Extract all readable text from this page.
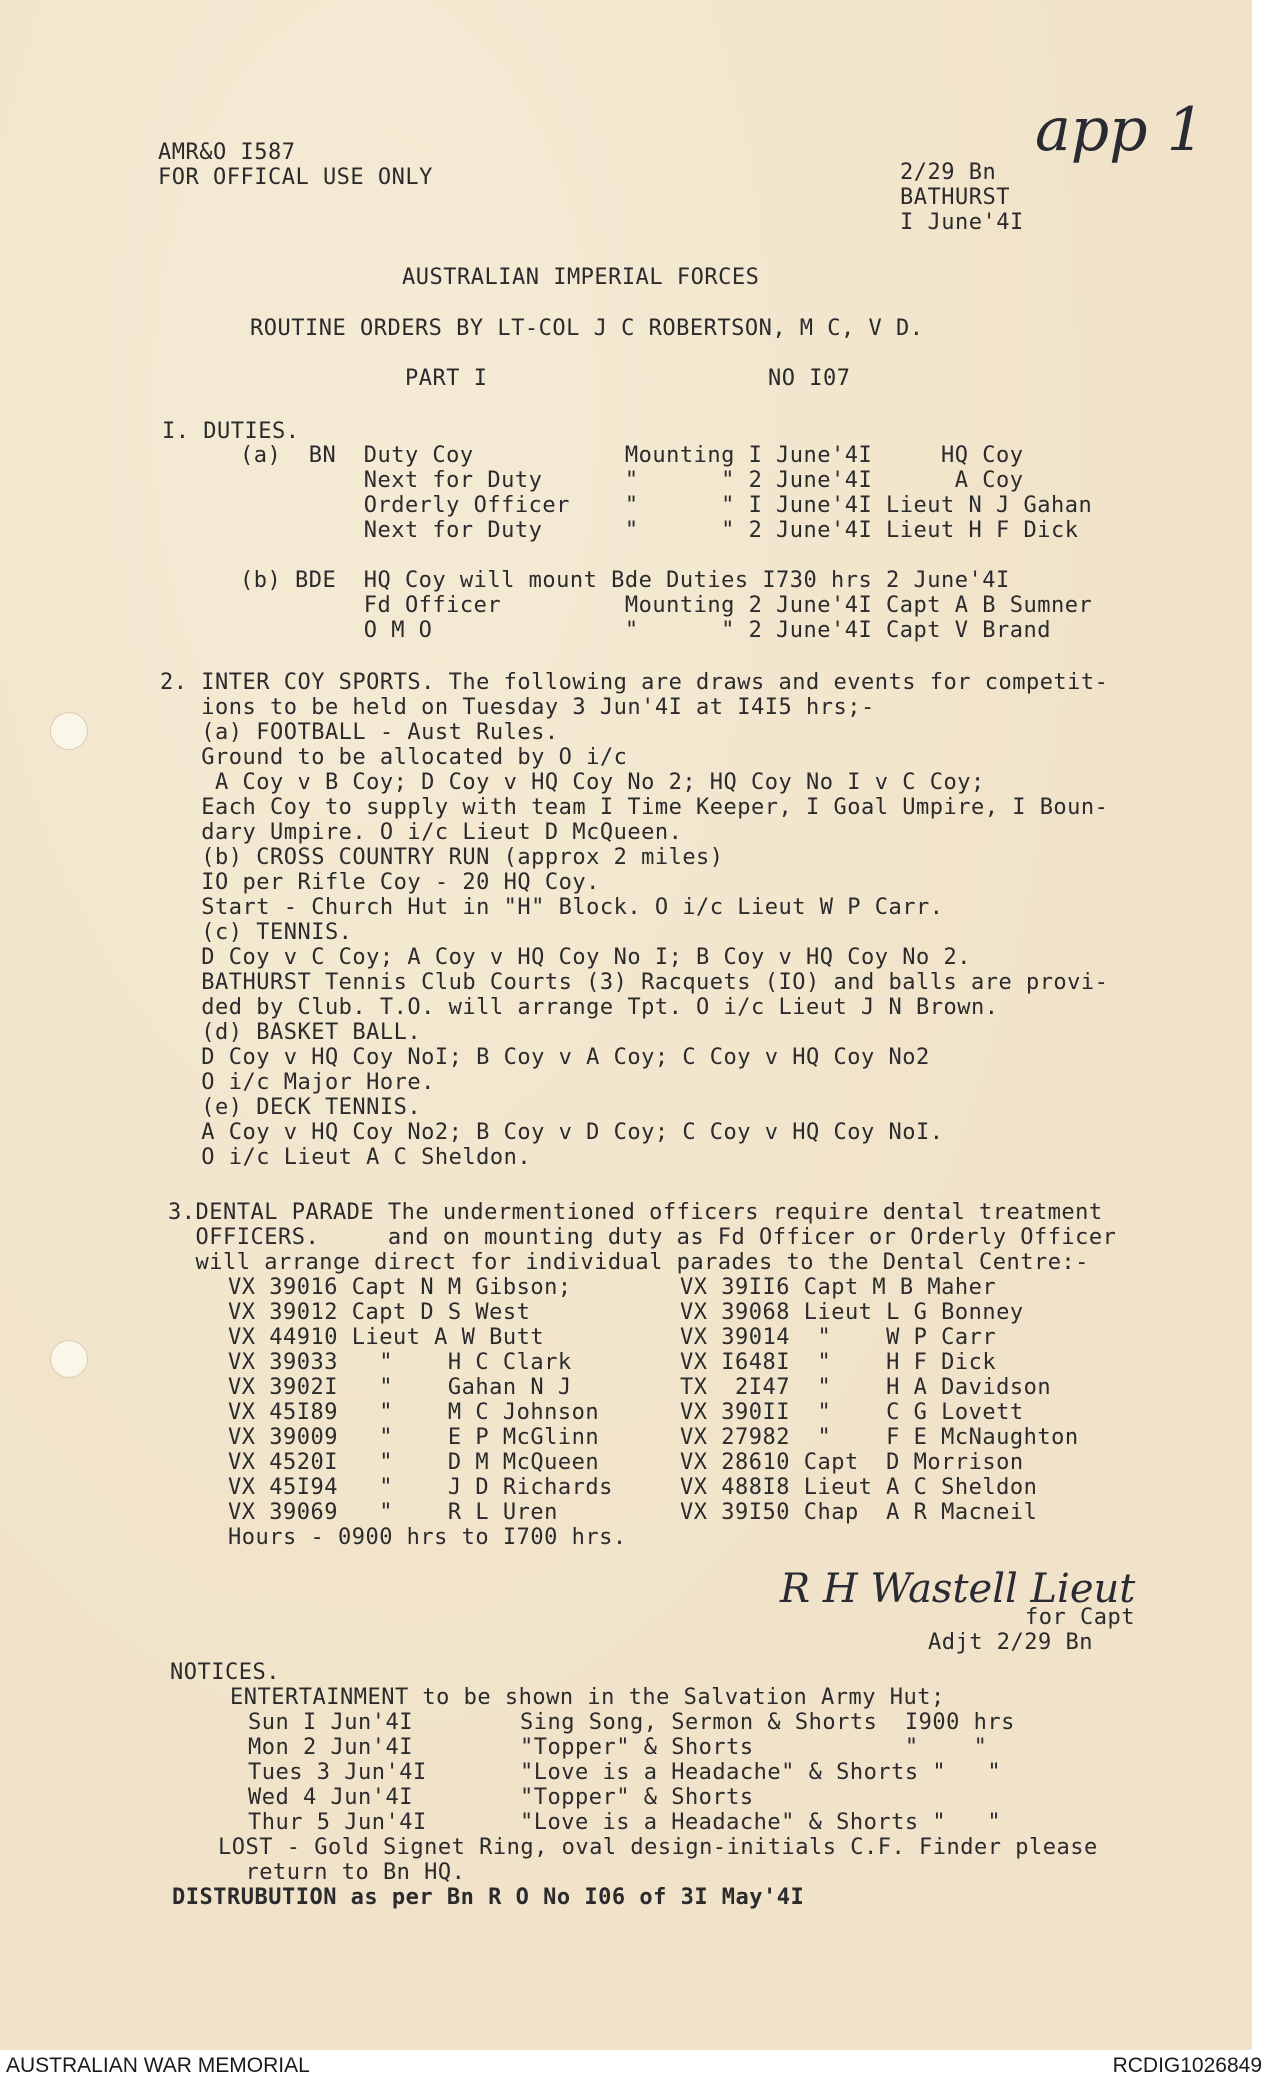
AMR&O I587
FOR OFFICAL USE ONLY	2/29 Bn
BATHURST
I June'4I
app 1
AUSTRALIAN IMPERIAL FORCES
ROUTINE ORDERS BY LT-COL J C ROBERTSON, M C, V D.
PART I	NO I07
I. DUTIES.
(a)  BN  Duty Coy           Mounting I June'4I     HQ Coy
Next for Duty      "      " 2 June'4I      A Coy
Orderly Officer    "      " I June'4I Lieut N J Gahan
Next for Duty      "      " 2 June'4I Lieut H F Dick
(b) BDE  HQ Coy will mount Bde Duties I730 hrs 2 June'4I
Fd Officer         Mounting 2 June'4I Capt A B Sumner
O M O              "      " 2 June'4I Capt V Brand
2. INTER COY SPORTS. The following are draws and events for competit-
ions to be held on Tuesday 3 Jun'4I at I4I5 hrs;-
(a) FOOTBALL - Aust Rules.
Ground to be allocated by O i/c
A Coy v B Coy; D Coy v HQ Coy No 2; HQ Coy No I v C Coy;
Each Coy to supply with team I Time Keeper, I Goal Umpire, I Boun-
dary Umpire. O i/c Lieut D McQueen.
(b) CROSS COUNTRY RUN (approx 2 miles)
IO per Rifle Coy - 20 HQ Coy.
Start - Church Hut in "H" Block. O i/c Lieut W P Carr.
(c) TENNIS.
D Coy v C Coy; A Coy v HQ Coy No I; B Coy v HQ Coy No 2.
BATHURST Tennis Club Courts (3) Racquets (IO) and balls are provi-
ded by Club. T.O. will arrange Tpt. O i/c Lieut J N Brown.
(d) BASKET BALL.
D Coy v HQ Coy NoI; B Coy v A Coy; C Coy v HQ Coy No2
O i/c Major Hore.
(e) DECK TENNIS.
A Coy v HQ Coy No2; B Coy v D Coy; C Coy v HQ Coy NoI.
O i/c Lieut A C Sheldon.
3.DENTAL PARADE The undermentioned officers require dental treatment
OFFICERS.     and on mounting duty as Fd Officer or Orderly Officer
will arrange direct for individual parades to the Dental Centre:-
VX 39016 Capt N M Gibson;	VX 39II6 Capt M B Maher
VX 39012 Capt D S West	VX 39068 Lieut L G Bonney
VX 44910 Lieut A W Butt	VX 39014  "    W P Carr
VX 39033   "    H C Clark	VX I648I  "    H F Dick
VX 3902I   "    Gahan N J	TX  2I47  "    H A Davidson
VX 45I89   "    M C Johnson	VX 390II  "    C G Lovett
VX 39009   "    E P McGlinn	VX 27982  "    F E McNaughton
VX 4520I   "    D M McQueen	VX 28610 Capt  D Morrison
VX 45I94   "    J D Richards	VX 488I8 Lieut A C Sheldon
VX 39069   "    R L Uren	VX 39I50 Chap  A R Macneil
Hours - 0900 hrs to I700 hrs.
R H Wastell Lieut
for Capt
Adjt 2/29 Bn
NOTICES.
ENTERTAINMENT to be shown in the Salvation Army Hut;
Sun I Jun'4I	Sing Song, Sermon & Shorts  I900 hrs
Mon 2 Jun'4I	"Topper" & Shorts           "    "
Tues 3 Jun'4I	"Love is a Headache" & Shorts "   "
Wed 4 Jun'4I	"Topper" & Shorts
Thur 5 Jun'4I	"Love is a Headache" & Shorts "   "
LOST - Gold Signet Ring, oval design-initials C.F. Finder please
return to Bn HQ.
DISTRUBUTION as per Bn R O No I06 of 3I May'4I
AUSTRALIAN WAR MEMORIAL	RCDIG1026849
